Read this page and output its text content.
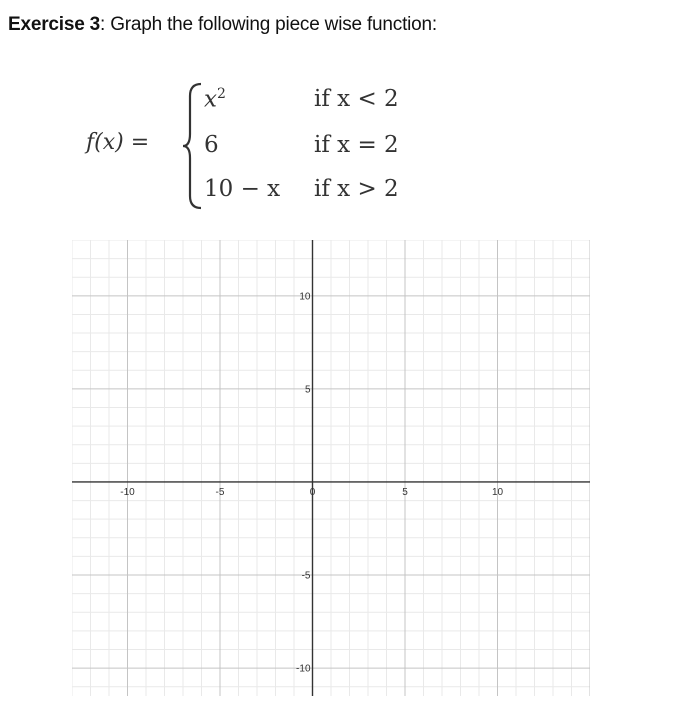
Exercise 3: Graph the following piece wise function:
f(x) =
$x^2$	if x < 2
6	if x = 2
10 − x if x > 2
-10	-5	0	5	10
10
5
-5
-10
